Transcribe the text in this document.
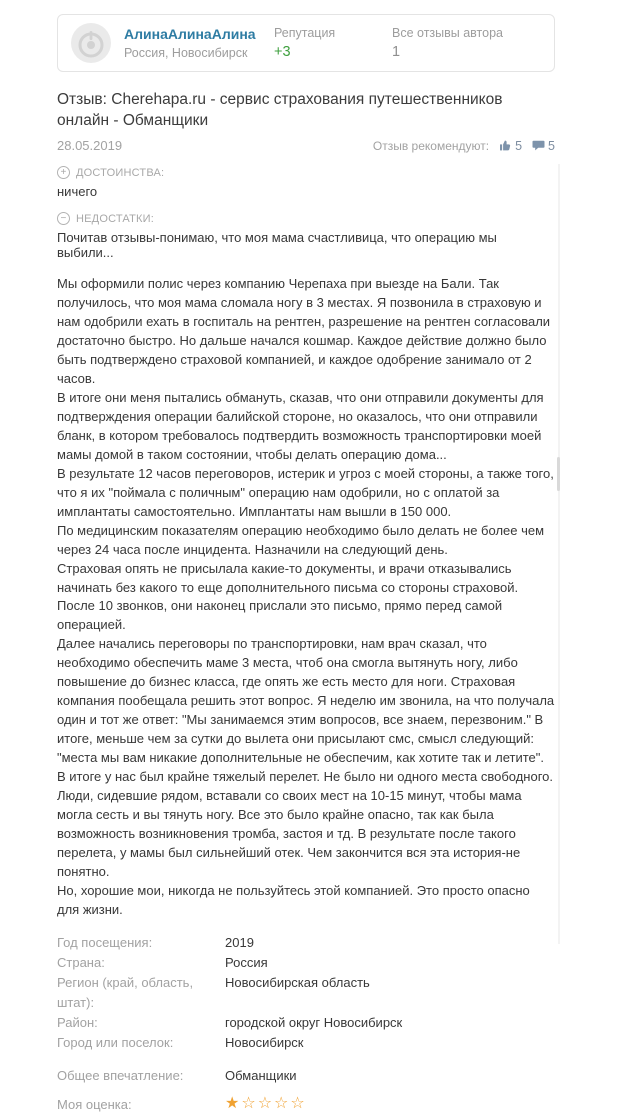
АлинаАлинаАлина
Россия, Новосибирск
Репутация
+3
Все отзывы автора
1
Отзыв: Cherehapa.ru - сервис страхования путешественников онлайн - Обманщики
28.05.2019	Отзыв рекомендуют: 5 5
+ ДОСТОИНСТВА:
ничего
− НЕДОСТАТКИ:
Почитав отзывы-понимаю, что моя мама счастливица, что операцию мы выбили...
Мы оформили полис через компанию Черепаха при выезде на Бали. Так получилось, что моя мама сломала ногу в 3 местах. Я позвонила в страховую и нам одобрили ехать в госпиталь на рентген, разрешение на рентген согласовали достаточно быстро. Но дальше начался кошмар. Каждое действие должно было быть подтверждено страховой компанией, и каждое одобрение занимало от 2 часов.
В итоге они меня пытались обмануть, сказав, что они отправили документы для подтверждения операции балийской стороне, но оказалось, что они отправили бланк, в котором требовалось подтвердить возможность транспортировки моей мамы домой в таком состоянии, чтобы делать операцию дома...
В результате 12 часов переговоров, истерик и угроз с моей стороны, а также того, что я их "поймала с поличным" операцию нам одобрили, но с оплатой за имплантаты самостоятельно. Имплантаты нам вышли в 150 000.
По медицинским показателям операцию необходимо было делать не более чем через 24 часа после инцидента. Назначили на следующий день.
Страховая опять не присылала какие-то документы, и врачи отказывались начинать без какого то еще дополнительного письма со стороны страховой.
После 10 звонков, они наконец прислали это письмо, прямо перед самой операцией.
Далее начались переговоры по транспортировки, нам врач сказал, что необходимо обеспечить маме 3 места, чтоб она смогла вытянуть ногу, либо повышение до бизнес класса, где опять же есть место для ноги. Страховая компания пообещала решить этот вопрос. Я неделю им звонила, на что получала один и тот же ответ: "Мы занимаемся этим вопросов, все знаем, перезвоним." В итоге, меньше чем за сутки до вылета они присылают смс, смысл следующий: "места мы вам никакие дополнительные не обеспечим, как хотите так и летите".
В итоге у нас был крайне тяжелый перелет. Не было ни одного места свободного. Люди, сидевшие рядом, вставали со своих мест на 10-15 минут, чтобы мама могла сесть и вы тянуть ногу. Все это было крайне опасно, так как была возможность возникновения тромба, застоя и тд. В результате после такого перелета, у мамы был сильнейший отек. Чем закончится вся эта история-не понятно.
Но, хорошие мои, никогда не пользуйтесь этой компанией. Это просто опасно для жизни.
Год посещения:	2019
Страна:	Россия
Регион (край, область, штат):
Новосибирская область
Район:	городской округ Новосибирск
Город или поселок:	Новосибирск
Общее впечатление:	Обманщики
Моя оценка:	★☆☆☆☆
